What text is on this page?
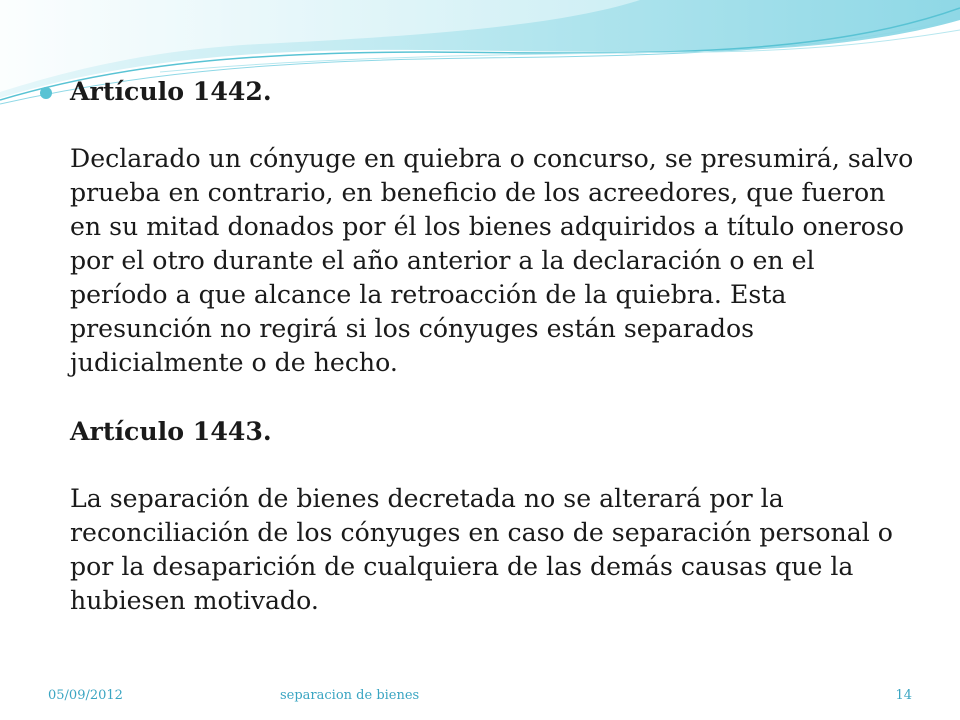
Artículo 1442.

Declarado un cónyuge en quiebra o concurso, se presumirá, salvo prueba en contrario, en beneficio de los acreedores, que fueron en su mitad donados por él los bienes adquiridos a título oneroso por el otro durante el año anterior a la declaración o en el período a que alcance la retroacción de la quiebra. Esta presunción no regirá si los cónyuges están separados judicialmente o de hecho.

Artículo 1443.

La separación de bienes decretada no se alterará por la reconciliación de los cónyuges en caso de separación personal o por la desaparición de cualquiera de las demás causas que la hubiesen motivado.

05/09/2012	separacion de bienes	14
